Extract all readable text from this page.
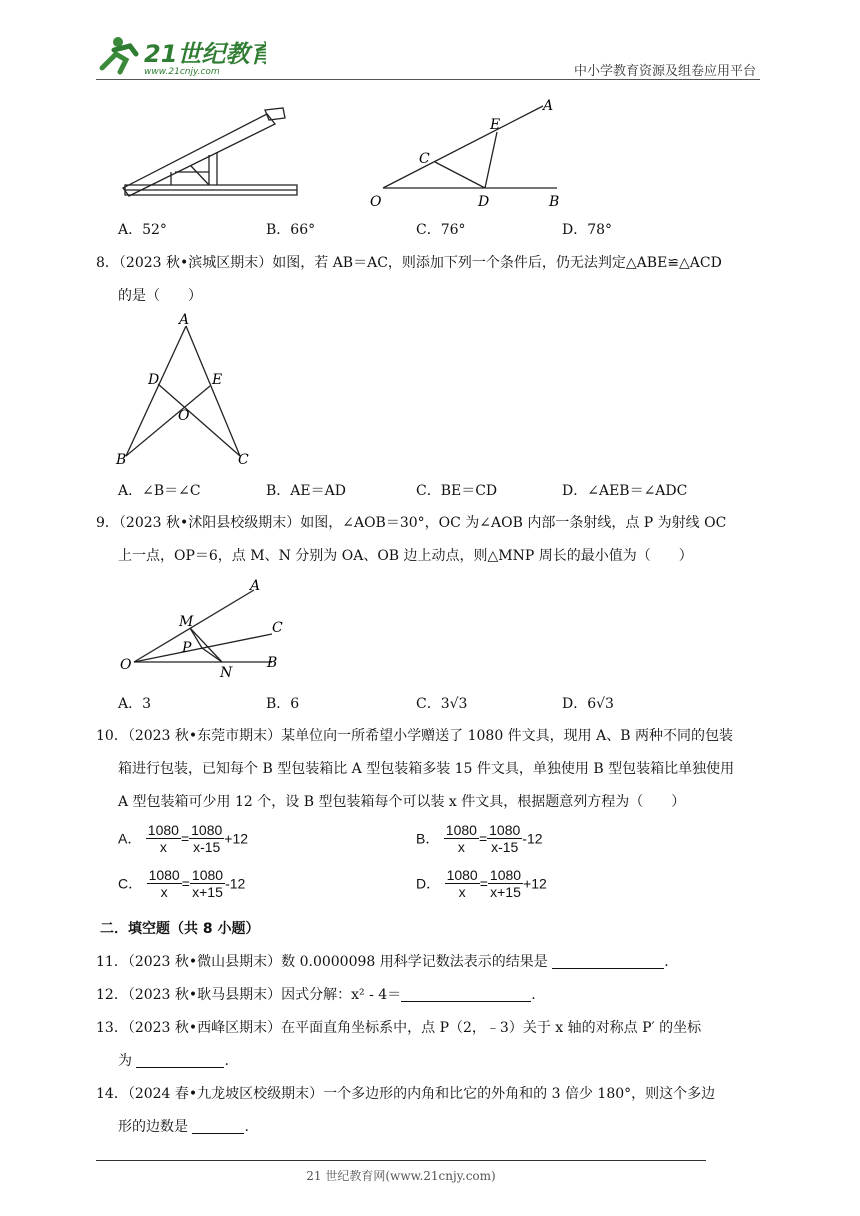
21世纪教育
www.21cnjy.com	中小学教育资源及组卷应用平台
A
E
C
O	D	B
A．52°	B．66°	C．76°	D．78°

8．（2023 秋•滨城区期末）如图，若 AB＝AC，则添加下列一个条件后，仍无法判定△ABE≌△ACD

的是（　　）

A
D	E
O
B	C
A．∠B＝∠C	B．AE＝AD	C．BE＝CD	D．∠AEB＝∠ADC

9．（2023 秋•沭阳县校级期末）如图，∠AOB＝30°，OC 为∠AOB 内部一条射线，点 P 为射线 OC

上一点，OP＝6，点 M、N 分别为 OA、OB 边上动点，则△MNP 周长的最小值为（　　）

A
M	C
P
O	N
B
A．3	B．6	C．3√3	D．6√3

10．（2023 秋•东莞市期末）某单位向一所希望小学赠送了 1080 件文具，现用 A、B 两种不同的包装

箱进行包装，已知每个 B 型包装箱比 A 型包装箱多装 15 件文具，单独使用 B 型包装箱比单独使用

A 型包装箱可少用 12 个，设 B 型包装箱每个可以装 x 件文具，根据题意列方程为（　　）

A． $\frac{1080}{x} = \frac{1080}{x-15} +12$	B． $\frac{1080}{x} = \frac{1080}{x-15} -12$
C． $\frac{1080}{x} = \frac{1080}{x+15} -12$	D． $\frac{1080}{x} = \frac{1080}{x+15} +12$
二．填空题（共 8 小题）

11．（2023 秋•微山县期末）数 0.0000098 用科学记数法表示的结果是	.

12．（2023 秋•耿马县期末）因式分解：x² - 4＝	.

13．（2023 秋•西峰区期末）在平面直角坐标系中，点 P（2，﹣3）关于 x 轴的对称点 P′ 的坐标

为	.

14．（2024 春•九龙坡区校级期末）一个多边形的内角和比它的外角和的 3 倍少 180°，则这个多边

形的边数是	.

21 世纪教育网(www.21cnjy.com)
